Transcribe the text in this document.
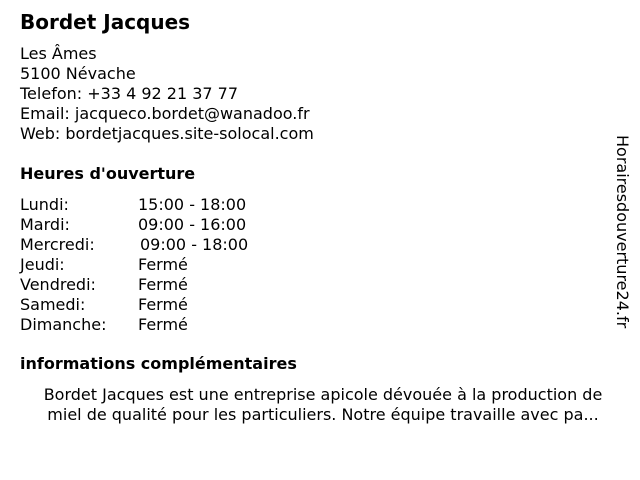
Bordet Jacques
Les Âmes
5100 Névache
Telefon: +33 4 92 21 37 77
Email: jacqueco.bordet@wanadoo.fr
Web: bordetjacques.site-solocal.com
Heures d'ouverture
Lundi:	15:00 - 18:00
Mardi:	09:00 - 16:00
Mercredi:	09:00 - 18:00
Jeudi:	Fermé
Vendredi:	Fermé
Samedi:	Fermé
Dimanche: Fermé
informations complémentaires
Bordet Jacques est une entreprise apicole dévouée à la production de
miel de qualité pour les particuliers. Notre équipe travaille avec pa...
Horairesdouverture24.fr
